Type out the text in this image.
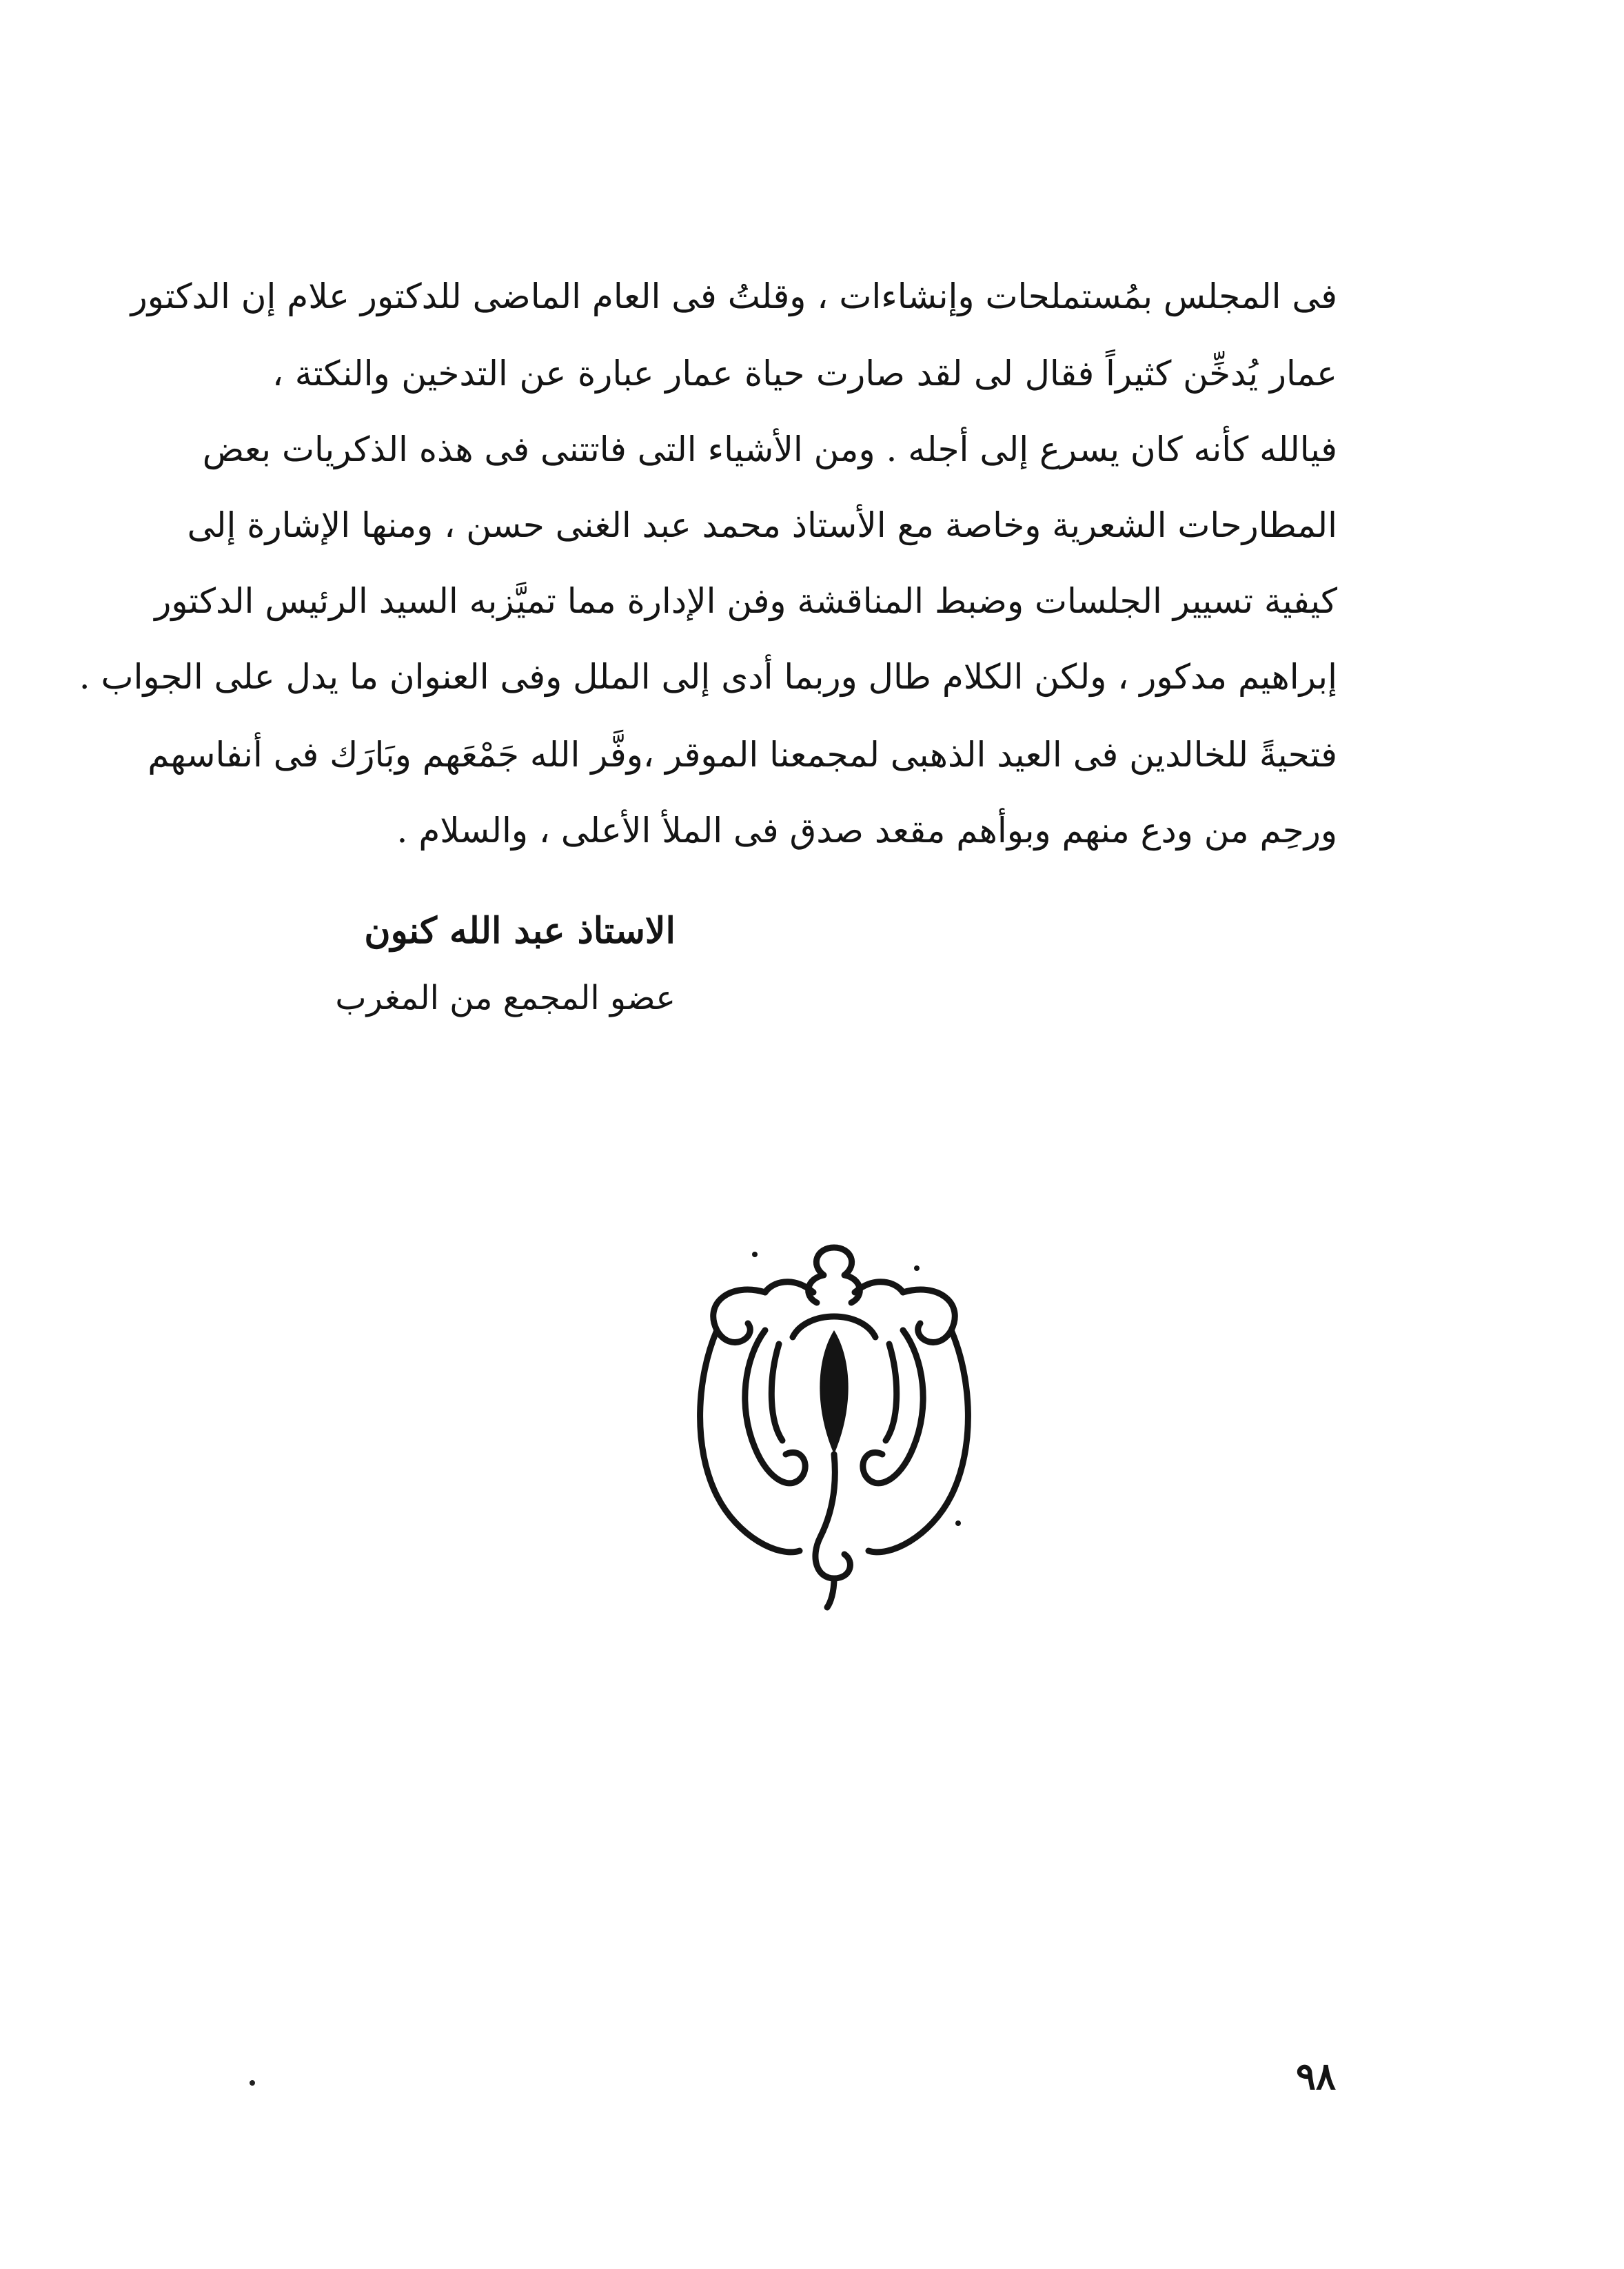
فى المجلس بمُستملحات وإنشاءات ، وقلتُ فى العام الماضى للدكتور علام إن الدكتور
عمار يُدخِّن كثيراً فقال لى لقد صارت حياة عمار عبارة عن التدخين والنكتة ،
فيالله كأنه كان يسرع إلى أجله . ومن الأشياء التى فاتتنى فى هذه الذكريات بعض
المطارحات الشعرية وخاصة مع الأستاذ محمد عبد الغنى حسن ، ومنها الإشارة إلى
كيفية تسيير الجلسات وضبط المناقشة وفن الإدارة مما تميَّزبه السيد الرئيس الدكتور
إبراهيم مدكور ، ولكن الكلام طال وربما أدى إلى الملل وفى العنوان ما يدل على الجواب .
فتحيةً للخالدين فى العيد الذهبى لمجمعنا الموقر ،وفَّر الله جَمْعَهم وبَارَك فى أنفاسهم
ورحِم من ودع منهم وبوأهم مقعد صدق فى الملأ الأعلى ، والسلام .
الاستاذ عبد الله كنون
عضو المجمع من المغرب
٩٨
